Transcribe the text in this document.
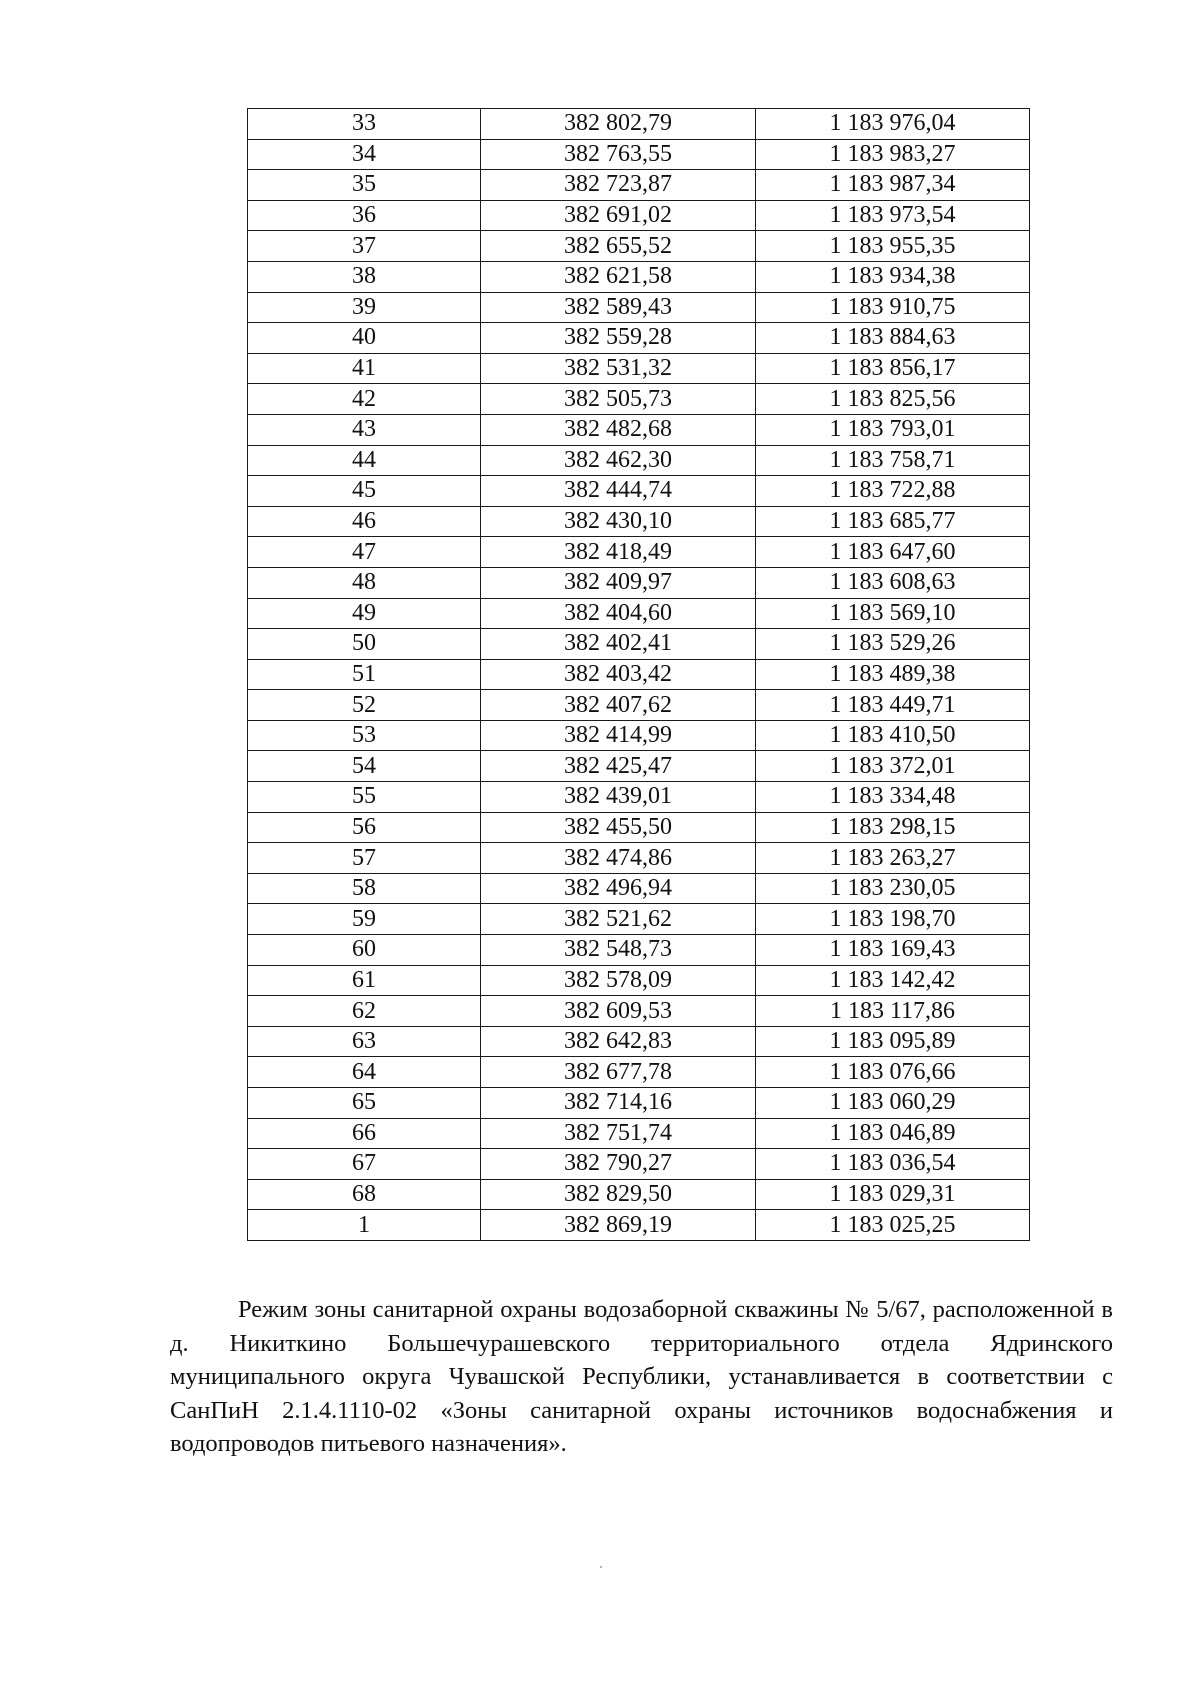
33	382 802,79	1 183 976,04
34	382 763,55	1 183 983,27
35	382 723,87	1 183 987,34
36	382 691,02	1 183 973,54
37	382 655,52	1 183 955,35
38	382 621,58	1 183 934,38
39	382 589,43	1 183 910,75
40	382 559,28	1 183 884,63
41	382 531,32	1 183 856,17
42	382 505,73	1 183 825,56
43	382 482,68	1 183 793,01
44	382 462,30	1 183 758,71
45	382 444,74	1 183 722,88
46	382 430,10	1 183 685,77
47	382 418,49	1 183 647,60
48	382 409,97	1 183 608,63
49	382 404,60	1 183 569,10
50	382 402,41	1 183 529,26
51	382 403,42	1 183 489,38
52	382 407,62	1 183 449,71
53	382 414,99	1 183 410,50
54	382 425,47	1 183 372,01
55	382 439,01	1 183 334,48
56	382 455,50	1 183 298,15
57	382 474,86	1 183 263,27
58	382 496,94	1 183 230,05
59	382 521,62	1 183 198,70
60	382 548,73	1 183 169,43
61	382 578,09	1 183 142,42
62	382 609,53	1 183 117,86
63	382 642,83	1 183 095,89
64	382 677,78	1 183 076,66
65	382 714,16	1 183 060,29
66	382 751,74	1 183 046,89
67	382 790,27	1 183 036,54
68	382 829,50	1 183 029,31
1	382 869,19	1 183 025,25

Режим зоны санитарной охраны водозаборной скважины № 5/67, расположенной в д. Никиткино Большечурашевского территориального отдела Ядринского муниципального округа Чувашской Республики, устанавливается в соответствии с СанПиН 2.1.4.1110-02 «Зоны санитарной охраны источников водоснабжения и водопроводов питьевого назначения».
